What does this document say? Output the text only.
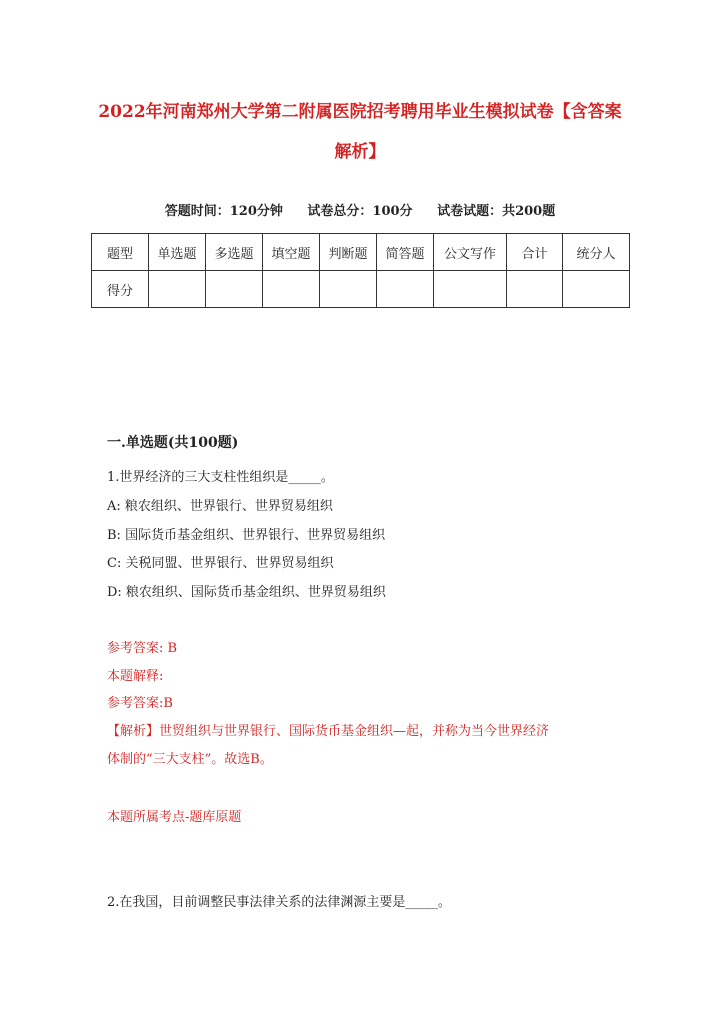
2022年河南郑州大学第二附属医院招考聘用毕业生模拟试卷【含答案解析】
答题时间：120分钟 试卷总分：100分 试卷试题：共200题
题型	单选题	多选题	填空题	判断题	简答题	公文写作	合计	统分人
得分								
一.单选题(共100题)
1.世界经济的三大支柱性组织是_____。
A: 粮农组织、世界银行、世界贸易组织
B: 国际货币基金组织、世界银行、世界贸易组织
C: 关税同盟、世界银行、世界贸易组织
D: 粮农组织、国际货币基金组织、世界贸易组织
参考答案: B
本题解释:
参考答案:B
【解析】世贸组织与世界银行、国际货币基金组织—起，并称为当今世界经济
体制的“三大支柱”。故选B。
本题所属考点-题库原题
2.在我国，目前调整民事法律关系的法律渊源主要是_____。
